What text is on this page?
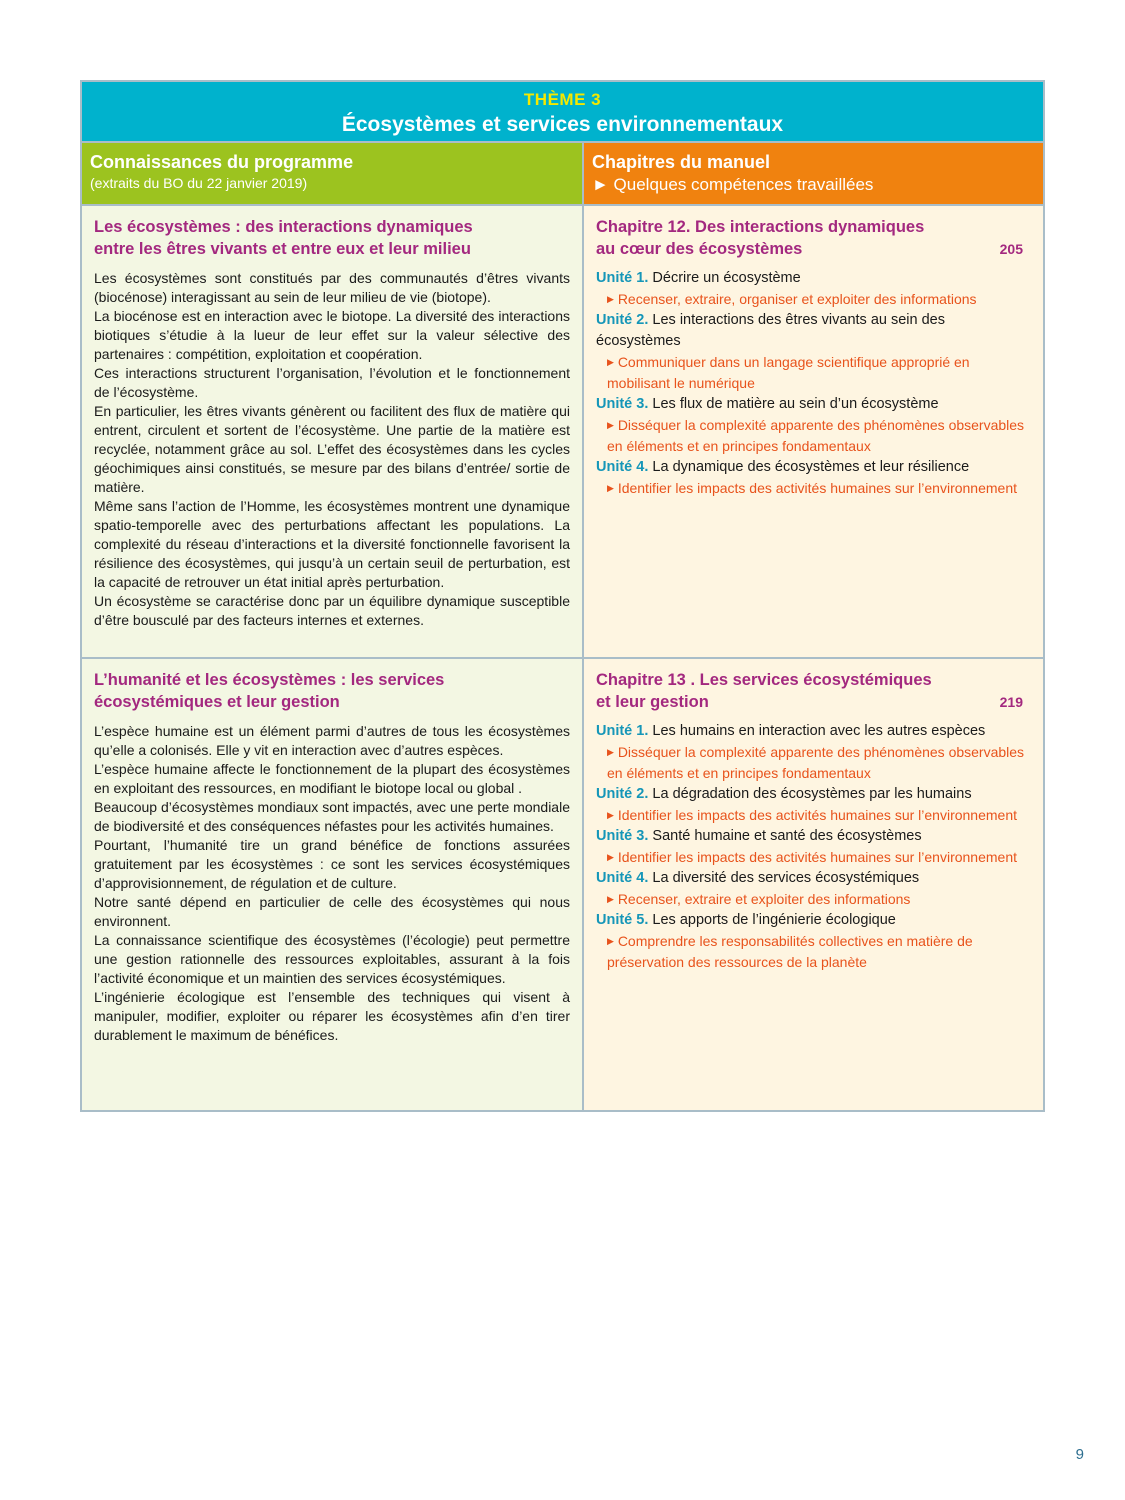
THÈME 3
Écosystèmes et services environnementaux
Connaissances du programme
(extraits du BO du 22 janvier 2019)
Chapitres du manuel
► Quelques compétences travaillées
Les écosystèmes : des interactions dynamiques
entre les êtres vivants et entre eux et leur milieu

Les écosystèmes sont constitués par des communautés d’êtres vivants (biocénose) interagissant au sein de leur milieu de vie (biotope).

La biocénose est en interaction avec le biotope. La diversité des interactions biotiques s’étudie à la lueur de leur effet sur la valeur sélective des partenaires : compétition, exploitation et coopération.

Ces interactions structurent l’organisation, l’évolution et le fonctionnement de l’écosystème.

En particulier, les êtres vivants génèrent ou facilitent des flux de matière qui entrent, circulent et sortent de l’écosystème. Une partie de la matière est recyclée, notamment grâce au sol. L’effet des écosystèmes dans les cycles géochimiques ainsi constitués, se mesure par des bilans d’entrée/ sortie de matière.

Même sans l’action de l’Homme, les écosystèmes montrent une dynamique spatio-temporelle avec des perturbations affectant les populations. La complexité du réseau d’interactions et la diversité fonctionnelle favorisent la résilience des écosystèmes, qui jusqu’à un certain seuil de perturbation, est la capacité de retrouver un état initial après perturbation.

Un écosystème se caractérise donc par un équilibre dynamique susceptible d’être bousculé par des facteurs internes et externes.

Chapitre 12. Des interactions dynamiques
au cœur des écosystèmes	205
Unité 1. Décrire un écosystème
▶ Recenser, extraire, organiser et exploiter des informations
Unité 2. Les interactions des êtres vivants au sein des écosystèmes
▶ Communiquer dans un langage scientifique approprié en mobilisant le numérique
Unité 3. Les flux de matière au sein d’un écosystème
▶ Disséquer la complexité apparente des phénomènes observables en éléments et en principes fondamentaux
Unité 4. La dynamique des écosystèmes et leur résilience
▶ Identifier les impacts des activités humaines sur l’environnement
L’humanité et les écosystèmes : les services
écosystémiques et leur gestion

L’espèce humaine est un élément parmi d’autres de tous les écosystèmes qu’elle a colonisés. Elle y vit en interaction avec d’autres espèces.

L’espèce humaine affecte le fonctionnement de la plupart des écosystèmes en exploitant des ressources, en modifiant le biotope local ou global .

Beaucoup d’écosystèmes mondiaux sont impactés, avec une perte mondiale de biodiversité et des conséquences néfastes pour les activités humaines.

Pourtant, l’humanité tire un grand bénéfice de fonctions assurées gratuitement par les écosystèmes : ce sont les services écosystémiques d’approvisionnement, de régulation et de culture.

Notre santé dépend en particulier de celle des écosystèmes qui nous environnent.

La connaissance scientifique des écosystèmes (l’écologie) peut permettre une gestion rationnelle des ressources exploitables, assurant à la fois l’activité économique et un maintien des services écosystémiques.

L’ingénierie écologique est l’ensemble des techniques qui visent à manipuler, modifier, exploiter ou réparer les écosystèmes afin d’en tirer durablement le maximum de bénéfices.

Chapitre 13 . Les services écosystémiques
et leur gestion	219
Unité 1. Les humains en interaction avec les autres espèces
▶ Disséquer la complexité apparente des phénomènes observables en éléments et en principes fondamentaux
Unité 2. La dégradation des écosystèmes par les humains
▶ Identifier les impacts des activités humaines sur l’environnement
Unité 3. Santé humaine et santé des écosystèmes
▶ Identifier les impacts des activités humaines sur l’environnement
Unité 4. La diversité des services écosystémiques
▶ Recenser, extraire et exploiter des informations
Unité 5. Les apports de l’ingénierie écologique
▶ Comprendre les responsabilités collectives en matière de préservation des ressources de la planète
9
